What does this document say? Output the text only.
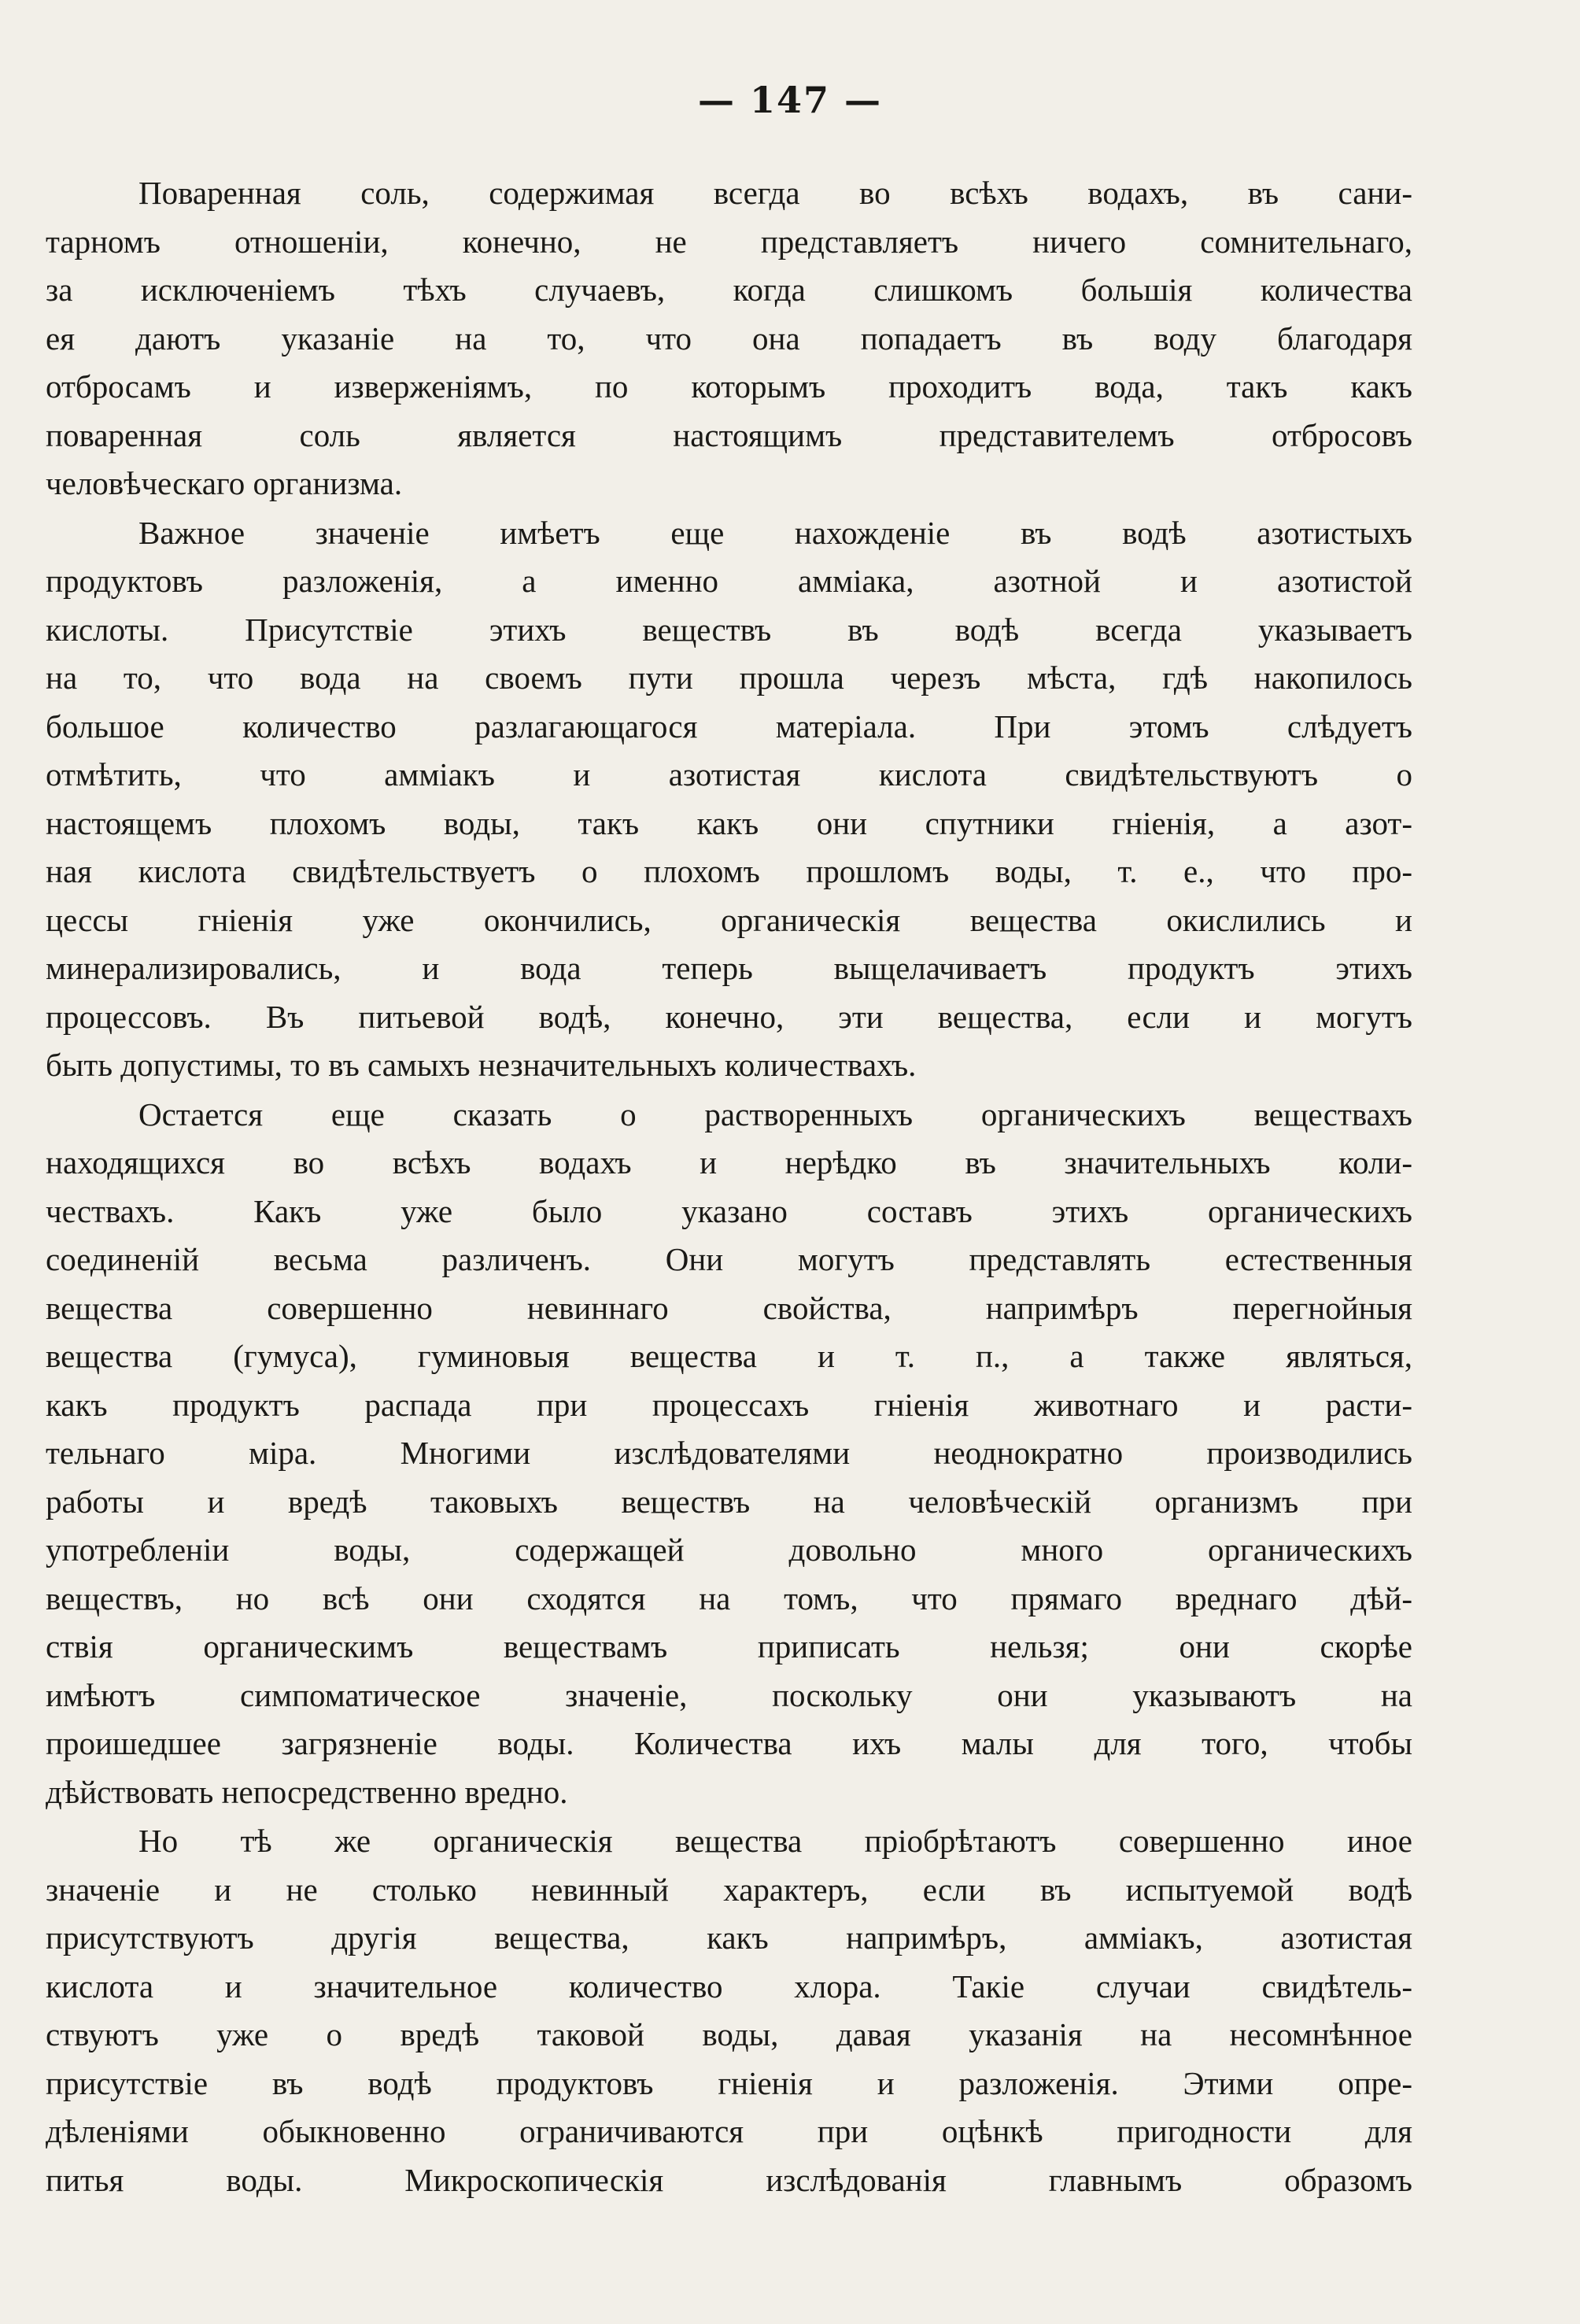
— 147 —
Поваренная соль, содержимая всегда во всѣхъ водахъ, въ сани-
тарномъ отношеніи, конечно, не представляетъ ничего сомнительнаго,
за исключеніемъ тѣхъ случаевъ, когда слишкомъ большія количества
ея даютъ указаніе на то, что она попадаетъ въ воду благодаря
отбросамъ и изверженіямъ, по которымъ проходитъ вода, такъ какъ
поваренная соль является настоящимъ представителемъ отбросовъ
человѣческаго организма.
Важное значеніе имѣетъ еще нахожденіе въ водѣ азотистыхъ
продуктовъ разложенія, а именно амміака, азотной и азотистой
кислоты. Присутствіе этихъ веществъ въ водѣ всегда указываетъ
на то, что вода на своемъ пути прошла черезъ мѣста, гдѣ накопилось
большое количество разлагающагося матеріала. При этомъ слѣдуетъ
отмѣтить, что амміакъ и азотистая кислота свидѣтельствуютъ о
настоящемъ плохомъ воды, такъ какъ они спутники гніенія, а азот-
ная кислота свидѣтельствуетъ о плохомъ прошломъ воды, т. е., что про-
цессы гніенія уже окончились, органическія вещества окислились и
минерализировались, и вода теперь выщелачиваетъ продуктъ этихъ
процессовъ. Въ питьевой водѣ, конечно, эти вещества, если и могутъ
быть допустимы, то въ самыхъ незначительныхъ количествахъ.
Остается еще сказать о растворенныхъ органическихъ веществахъ
находящихся во всѣхъ водахъ и нерѣдко въ значительныхъ коли-
чествахъ. Какъ уже было указано составъ этихъ органическихъ
соединеній весьма различенъ. Они могутъ представлять естественныя
вещества совершенно невиннаго свойства, напримѣръ перегнойныя
вещества (гумуса), гуминовыя вещества и т. п., а также являться,
какъ продуктъ распада при процессахъ гніенія животнаго и расти-
тельнаго міра. Многими изслѣдователями неоднократно производились
работы и вредѣ таковыхъ веществъ на человѣческій организмъ при
употребленіи воды, содержащей довольно много органическихъ
веществъ, но всѣ они сходятся на томъ, что прямаго вреднаго дѣй-
ствія органическимъ веществамъ приписать нельзя; они скорѣе
имѣютъ симпоматическое значеніе, поскольку они указываютъ на
проишедшее загрязненіе воды. Количества ихъ малы для того, чтобы
дѣйствовать непосредственно вредно.
Но тѣ же органическія вещества пріобрѣтаютъ совершенно иное
значеніе и не столько невинный характеръ, если въ испытуемой водѣ
присутствуютъ другія вещества, какъ напримѣръ, амміакъ, азотистая
кислота и значительное количество хлора. Такіе случаи свидѣтель-
ствуютъ уже о вредѣ таковой воды, давая указанія на несомнѣнное
присутствіе въ водѣ продуктовъ гніенія и разложенія. Этими опре-
дѣленіями обыкновенно ограничиваются при оцѣнкѣ пригодности для
питья воды. Микроскопическія изслѣдованія главнымъ образомъ
